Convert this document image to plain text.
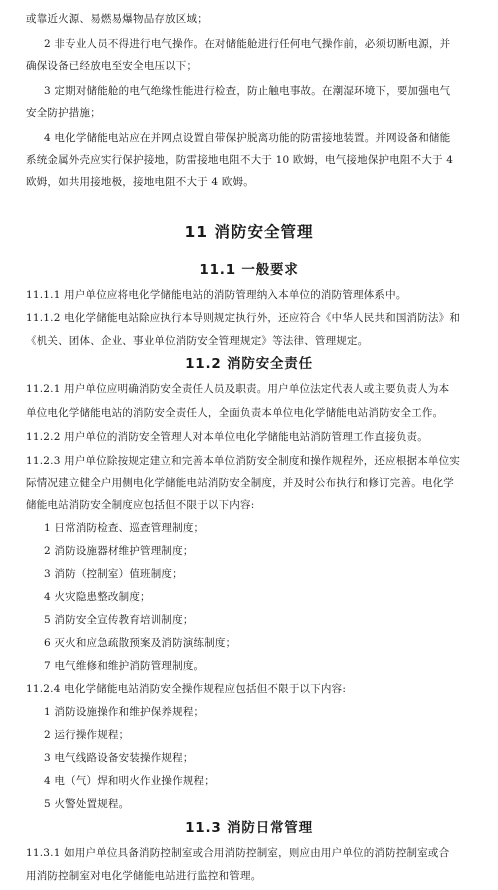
或靠近火源、易燃易爆物品存放区域；
2 非专业人员不得进行电气操作。在对储能舱进行任何电气操作前，必须切断电源，并
确保设备已经放电至安全电压以下；
3 定期对储能舱的电气绝缘性能进行检查，防止触电事故。在潮湿环境下，要加强电气
安全防护措施；
4 电化学储能电站应在并网点设置自带保护脱离功能的防雷接地装置。并网设备和储能
系统金属外壳应实行保护接地，防雷接地电阻不大于 10 欧姆，电气接地保护电阻不大于 4
欧姆，如共用接地极，接地电阻不大于 4 欧姆。
11 消防安全管理
11.1 一般要求
11.1.1 用户单位应将电化学储能电站的消防管理纳入本单位的消防管理体系中。
11.1.2 电化学储能电站除应执行本导则规定执行外，还应符合《中华人民共和国消防法》和
《机关、团体、企业、事业单位消防安全管理规定》等法律、管理规定。
11.2 消防安全责任
11.2.1 用户单位应明确消防安全责任人员及职责。用户单位法定代表人或主要负责人为本
单位电化学储能电站的消防安全责任人，全面负责本单位电化学储能电站消防安全工作。
11.2.2 用户单位的消防安全管理人对本单位电化学储能电站消防管理工作直接负责。
11.2.3 用户单位除按规定建立和完善本单位消防安全制度和操作规程外，还应根据本单位实
际情况建立健全户用侧电化学储能电站消防安全制度，并及时公布执行和修订完善。电化学
储能电站消防安全制度应包括但不限于以下内容:
1 日常消防检查、巡查管理制度；
2 消防设施器材维护管理制度；
3 消防（控制室）值班制度；
4 火灾隐患整改制度；
5 消防安全宣传教育培训制度；
6 灭火和应急疏散预案及消防演练制度；
7 电气维修和维护消防管理制度。
11.2.4 电化学储能电站消防安全操作规程应包括但不限于以下内容:
1 消防设施操作和维护保养规程；
2 运行操作规程；
3 电气线路设备安装操作规程；
4 电（气）焊和明火作业操作规程；
5 火警处置规程。
11.3 消防日常管理
11.3.1 如用户单位具备消防控制室或合用消防控制室，则应由用户单位的消防控制室或合
用消防控制室对电化学储能电站进行监控和管理。
